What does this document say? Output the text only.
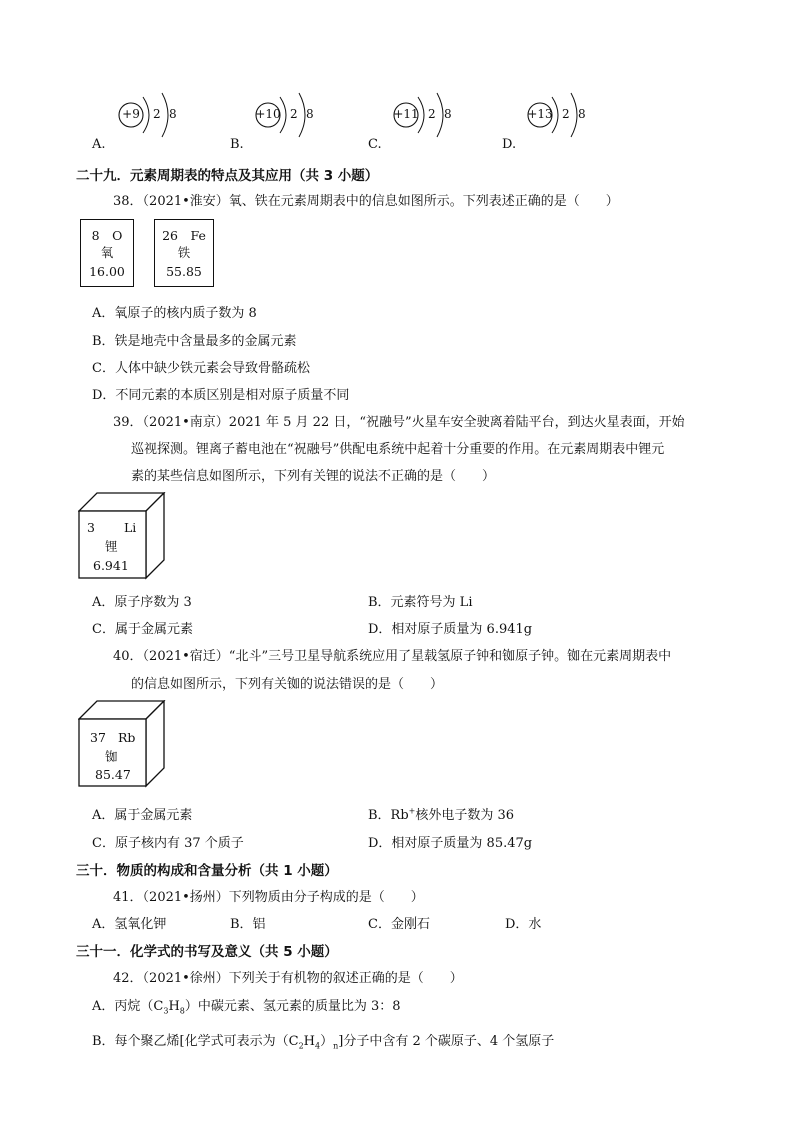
+9	2 8
A.
+10 2 8
B.
+11 2 8
C.
+13 2 8
D.
二十九．元素周期表的特点及其应用（共 3 小题）
38．（2021•淮安）氧、铁在元素周期表中的信息如图所示。下列表述正确的是（　　）
8　O
氧
16.00
26　Fe
铁
55.85
A．氧原子的核内质子数为 8
B．铁是地壳中含量最多的金属元素
C．人体中缺少铁元素会导致骨骼疏松
D．不同元素的本质区别是相对原子质量不同
39．（2021•南京）2021 年 5 月 22 日，“祝融号”火星车安全驶离着陆平台，到达火星表面，开始
巡视探测。锂离子蓄电池在“祝融号”供配电系统中起着十分重要的作用。在元素周期表中锂元
素的某些信息如图所示，下列有关锂的说法不正确的是（　　）
3 Li
锂
6.941
A．原子序数为 3	B．元素符号为 Li
C．属于金属元素	D．相对原子质量为 6.941g
40．（2021•宿迁）“北斗”三号卫星导航系统应用了星载氢原子钟和铷原子钟。铷在元素周期表中
的信息如图所示，下列有关铷的说法错误的是（　　）
37 Rb
铷
85.47
A．属于金属元素	B．Rb+核外电子数为 36
C．原子核内有 37 个质子	D．相对原子质量为 85.47g
三十．物质的构成和含量分析（共 1 小题）
41．（2021•扬州）下列物质由分子构成的是（　　）
A．氢氧化钾	B．铝	C．金刚石	D．水
三十一．化学式的书写及意义（共 5 小题）
42．（2021•徐州）下列关于有机物的叙述正确的是（　　）
A．丙烷$(C_3H_8)$中碳元素、氢元素的质量比为 3：8
B．每个聚乙烯[化学式可表示为$(C_2H_4)_n$]分子中含有 2 个碳原子、4 个氢原子
